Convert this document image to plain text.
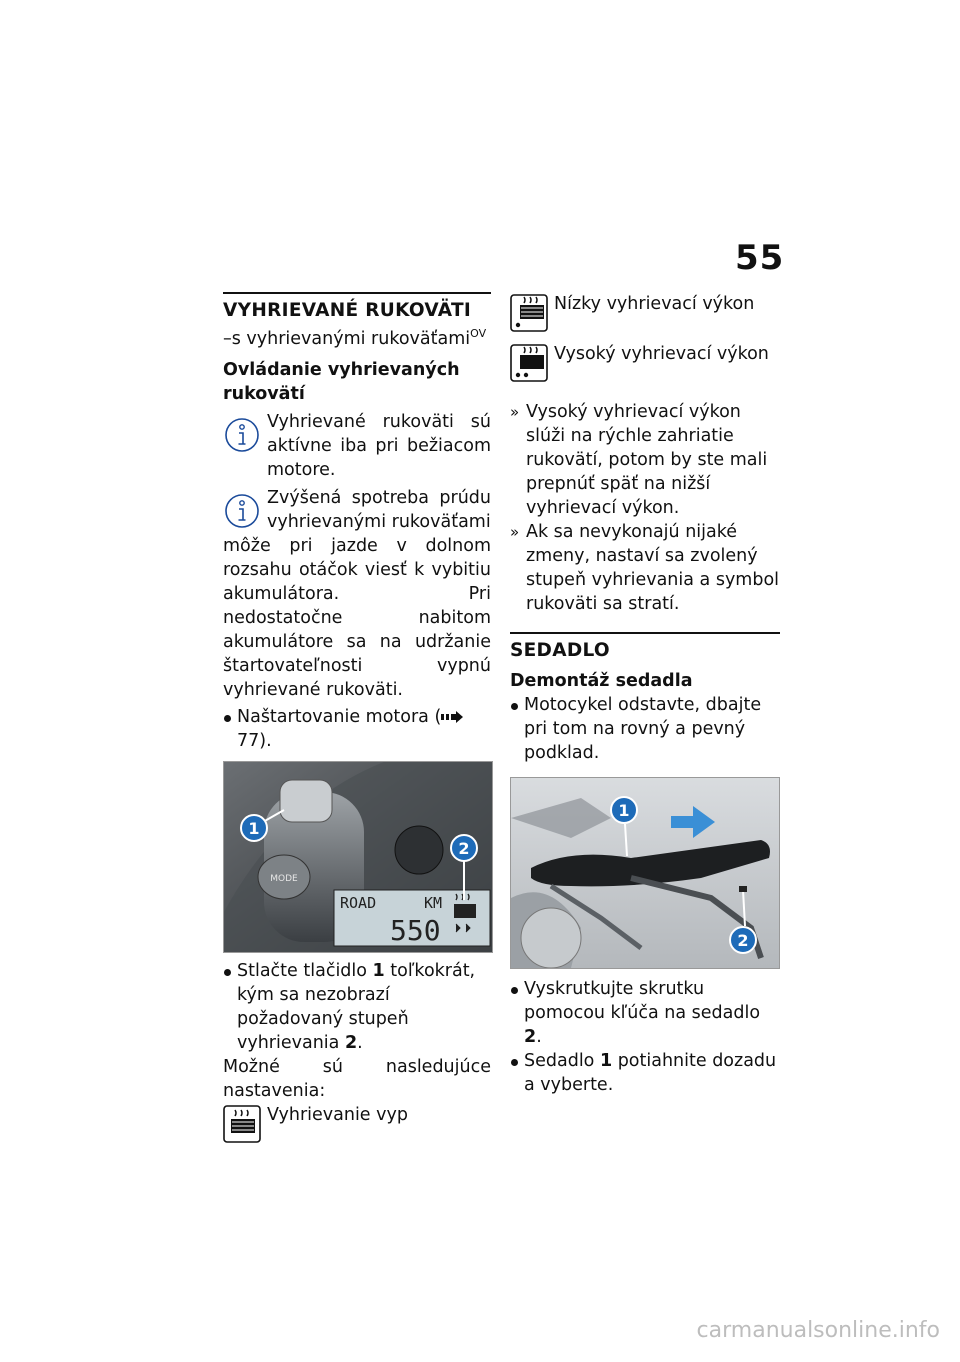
55
VYHRIEVANÉ RUKOVÄTI

–s vyhrievanými rukoväťami$^{OV}$

Ovládanie vyhrievaných rukovätí
Vyhrievané rukoväti sú aktívne iba pri bežiacom motore.
Zvýšená spotreba prúdu vyhrievanými rukoväťami

môže pri jazde v dolnom rozsahu otáčok viesť k vybitiu akumulátora. Pri nedostatočne nabitom akumulátore sa na udržanie štartovateľnosti vypnú vyhrievané rukoväti.

Naštartovanie motora (77).

MODE
ROAD	KM
550
1
2

Stlačte tlačidlo 1 toľkokrát, kým sa nezobrazí požadovaný stupeň vyhrievania 2.

Možné sú nasledujúce nastavenia:

Vyhrievanie vyp
Nízky vyhrievací výkon
Vysoký vyhrievací výkon
» Vysoký vyhrievací výkon slúži na rýchle zahriatie rukovätí, potom by ste mali prepnúť späť na nižší vyhrievací výkon.
» Ak sa nevykonajú nijaké zmeny, nastaví sa zvolený stupeň vyhrievania a symbol rukoväti sa stratí.
SEDADLO
Demontáž sedadla

Motocykel odstavte, dbajte pri tom na rovný a pevný podklad.

1
2

Vyskrutkujte skrutku pomocou kľúča na sedadlo 2.

Sedadlo 1 potiahnite dozadu a vyberte.

carmanualsonline.info
